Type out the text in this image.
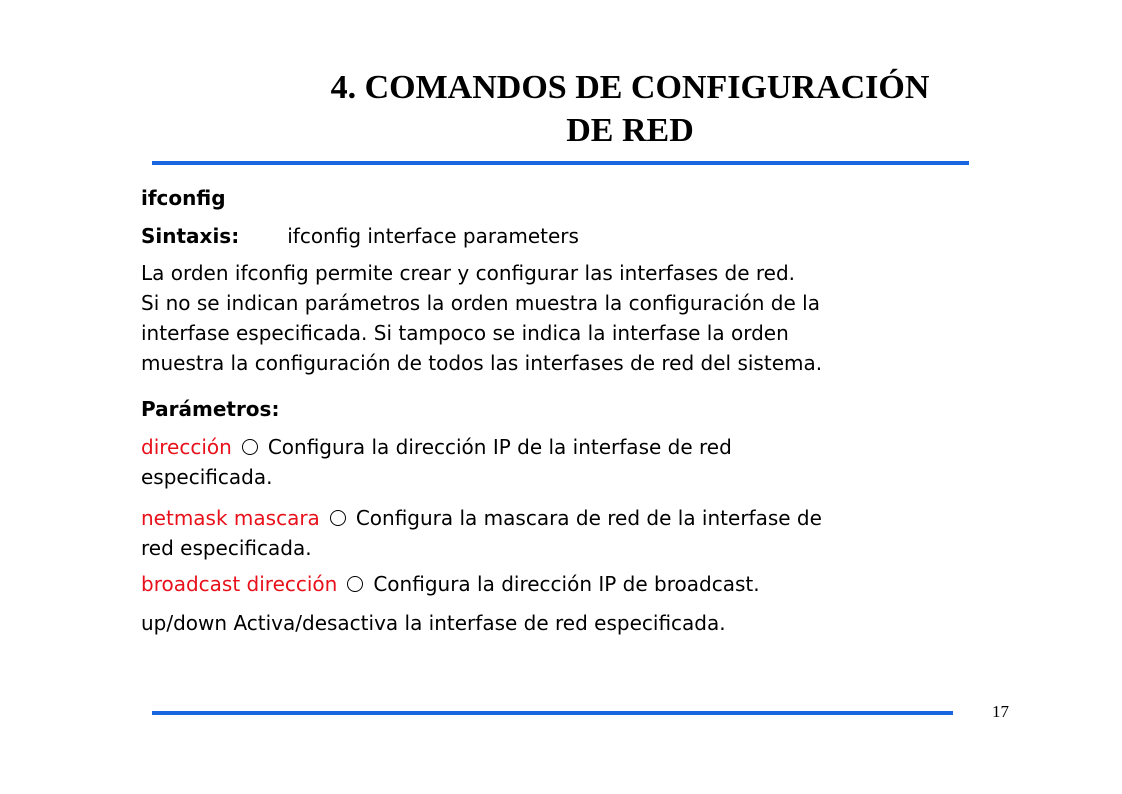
4. COMANDOS DE CONFIGURACIÓN
DE RED
ifconfig
Sintaxis: ifconfig interface parameters
La orden ifconfig permite crear y configurar las interfases de red.
Si no se indican parámetros la orden muestra la configuración de la
interfase especificada. Si tampoco se indica la interfase la orden
muestra la configuración de todos las interfases de red del sistema.
Parámetros:
dirección Configura la dirección IP de la interfase de red
especificada.
netmask mascara Configura la mascara de red de la interfase de
red especificada.
broadcast dirección Configura la dirección IP de broadcast.
up/down Activa/desactiva la interfase de red especificada.
17
